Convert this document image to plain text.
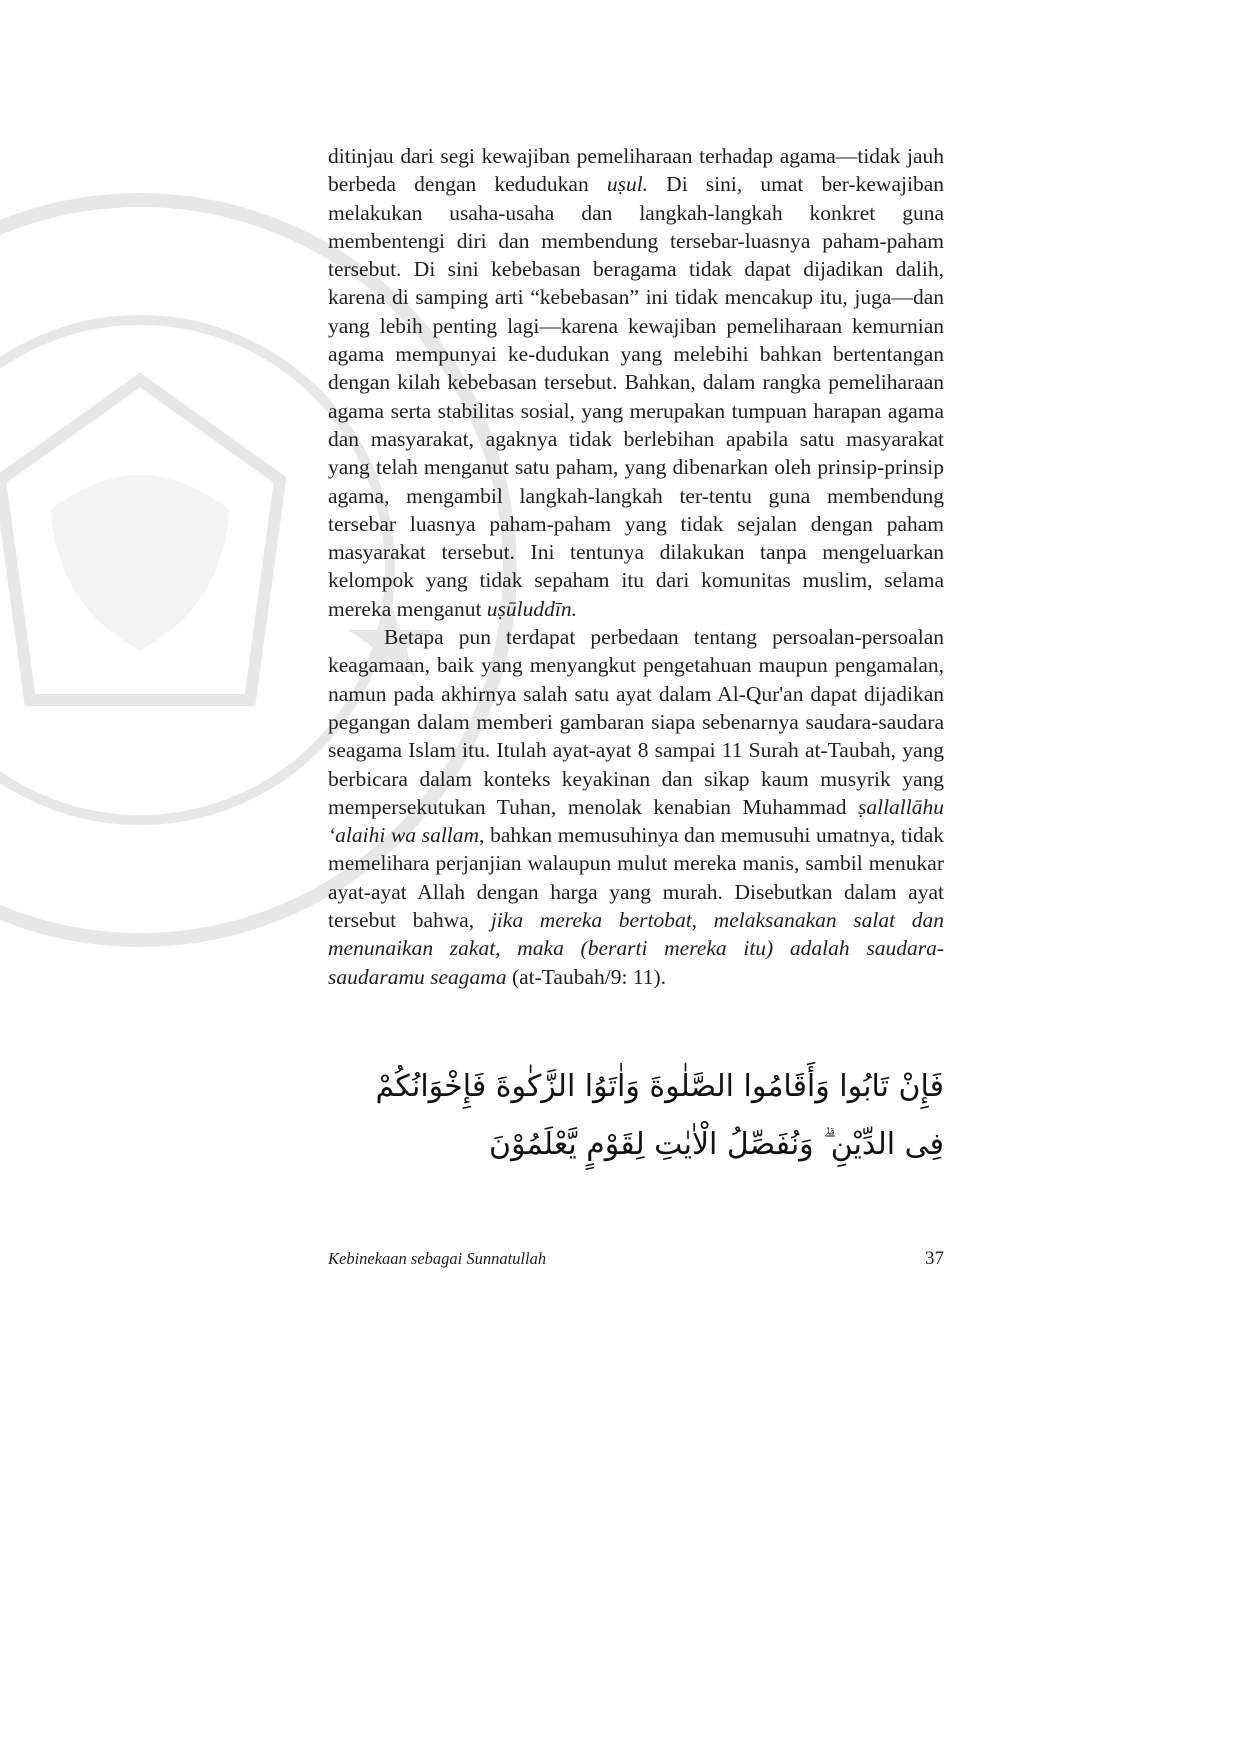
ditinjau dari segi kewajiban pemeliharaan terhadap agama—tidak jauh berbeda dengan kedudukan uṣul. Di sini, umat ber-kewajiban melakukan usaha-usaha dan langkah-langkah konkret guna membentengi diri dan membendung tersebar-luasnya paham-paham tersebut. Di sini kebebasan beragama tidak dapat dijadikan dalih, karena di samping arti “kebebasan” ini tidak mencakup itu, juga—dan yang lebih penting lagi—karena kewajiban pemeliharaan kemurnian agama mempunyai ke-dudukan yang melebihi bahkan bertentangan dengan kilah kebebasan tersebut. Bahkan, dalam rangka pemeliharaan agama serta stabilitas sosial, yang merupakan tumpuan harapan agama dan masyarakat, agaknya tidak berlebihan apabila satu masyarakat yang telah menganut satu paham, yang dibenarkan oleh prinsip-prinsip agama, mengambil langkah-langkah ter-tentu guna membendung tersebar luasnya paham-paham yang tidak sejalan dengan paham masyarakat tersebut. Ini tentunya dilakukan tanpa mengeluarkan kelompok yang tidak sepaham itu dari komunitas muslim, selama mereka menganut uṣūluddīn.

Betapa pun terdapat perbedaan tentang persoalan-persoalan keagamaan, baik yang menyangkut pengetahuan maupun pengamalan, namun pada akhirnya salah satu ayat dalam Al-Qur'an dapat dijadikan pegangan dalam memberi gambaran siapa sebenarnya saudara-saudara seagama Islam itu. Itulah ayat-ayat 8 sampai 11 Surah at-Taubah, yang berbicara dalam konteks keyakinan dan sikap kaum musyrik yang mempersekutukan Tuhan, menolak kenabian Muhammad ṣallallāhu ‘alaihi wa sallam, bahkan memusuhinya dan memusuhi umatnya, tidak memelihara perjanjian walaupun mulut mereka manis, sambil menukar ayat-ayat Allah dengan harga yang murah. Disebutkan dalam ayat tersebut bahwa, jika mereka bertobat, melaksanakan salat dan menunaikan zakat, maka (berarti mereka itu) adalah saudara-saudaramu seagama (at-Taubah/9: 11).

فَإِنْ تَابُوا وَأَقَامُوا الصَّلٰوةَ وَاٰتَوُا الزَّكٰوةَ فَإِخْوَانُكُمْ فِى الدِّيْنِ ۗ وَنُفَصِّلُ الْاٰيٰتِ لِقَوْمٍ يَّعْلَمُوْنَ
Kebinekaan sebagai Sunnatullah	37
